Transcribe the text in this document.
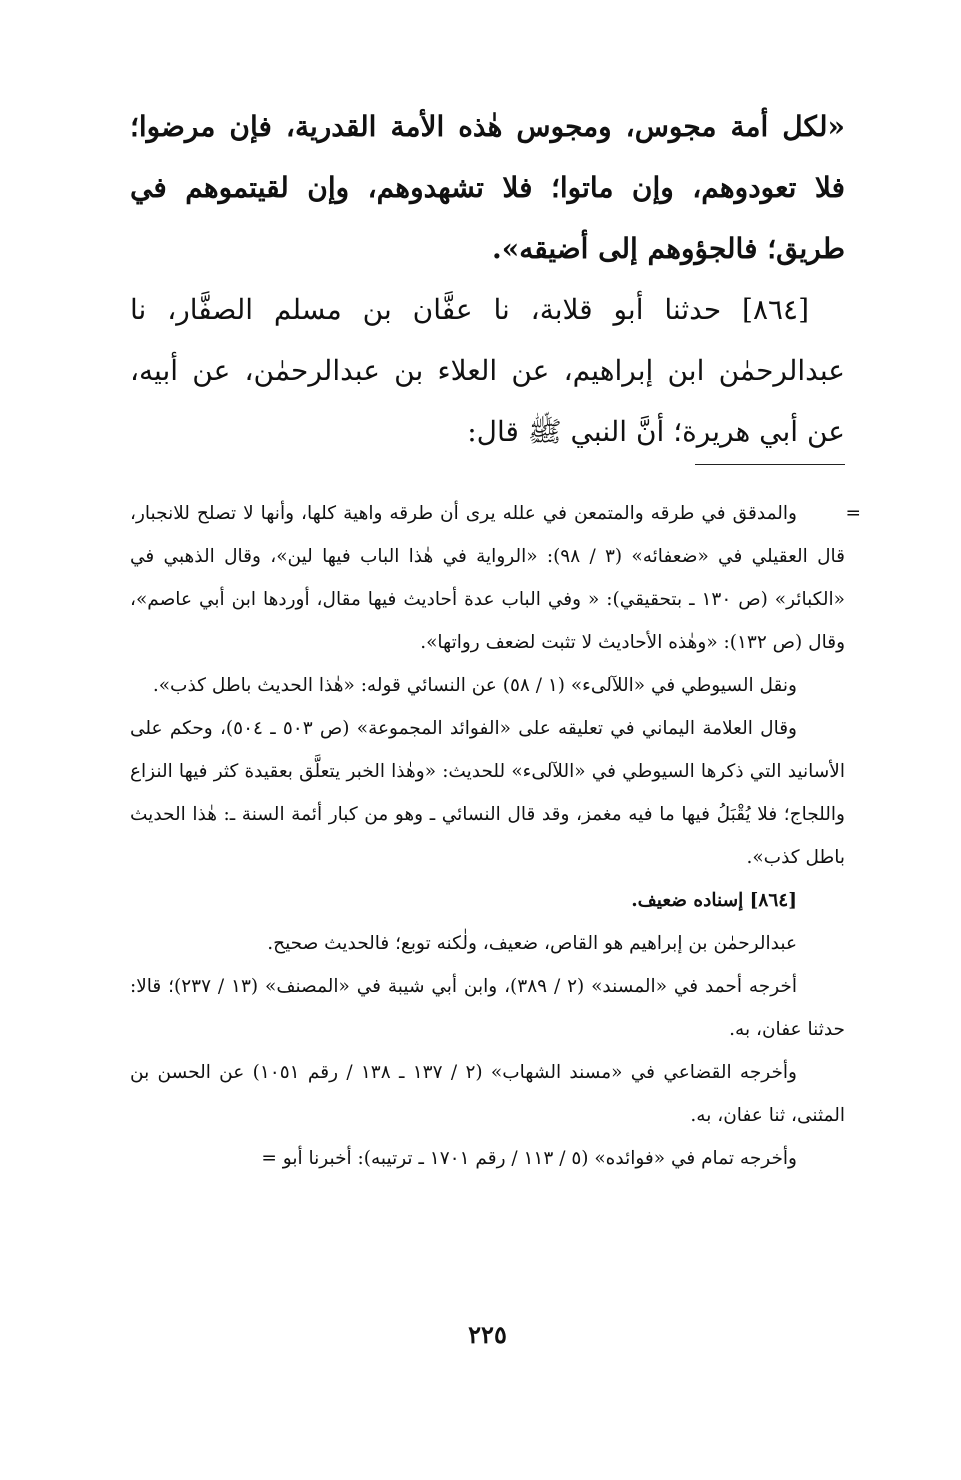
«لكل أمة مجوس، ومجوس هٰذه الأمة القدرية، فإن مرضوا؛ فلا تعودوهم، وإن ماتوا؛ فلا تشهدوهم، وإن لقيتموهم في طريق؛ فالجؤوهم إلى أضيقه».

[٨٦٤] حدثنا أبو قلابة، نا عفَّان بن مسلم الصفَّار، نا عبدالرحمٰن ابن إبراهيم، عن العلاء بن عبدالرحمٰن، عن أبيه، عن أبي هريرة؛ أنَّ النبي ﷺ قال:

=

والمدقق في طرقه والمتمعن في علله يرى أن طرقه واهية كلها، وأنها لا تصلح للانجبار، قال العقيلي في «ضعفائه» (٣ / ٩٨): «الرواية في هٰذا الباب فيها لين»، وقال الذهبي في «الكبائر» (ص ١٣٠ ـ بتحقيقي): « وفي الباب عدة أحاديث فيها مقال، أوردها ابن أبي عاصم»، وقال (ص ١٣٢): «وهٰذه الأحاديث لا تثبت لضعف رواتها».

ونقل السيوطي في «اللآلىء» (١ / ٥٨) عن النسائي قوله: «هٰذا الحديث باطل كذب».

وقال العلامة اليماني في تعليقه على «الفوائد المجموعة» (ص ٥٠٣ ـ ٥٠٤)، وحكم على الأسانيد التي ذكرها السيوطي في «اللآلىء» للحديث: «وهٰذا الخبر يتعلَّق بعقيدة كثر فيها النزاع واللجاج؛ فلا يُقْبَلُ فيها ما فيه مغمز، وقد قال النسائي ـ وهو من كبار أئمة السنة ـ: هٰذا الحديث باطل كذب».

[٨٦٤] إسناده ضعيف.

عبدالرحمٰن بن إبراهيم هو القاص، ضعيف، ولٰكنه توبع؛ فالحديث صحيح.

أخرجه أحمد في «المسند» (٢ / ٣٨٩)، وابن أبي شيبة في «المصنف» (١٣ / ٢٣٧)؛ قالا: حدثنا عفان، به.

وأخرجه القضاعي في «مسند الشهاب» (٢ / ١٣٧ ـ ١٣٨ / رقم ١٠٥١) عن الحسن بن المثنى، ثنا عفان، به.

وأخرجه تمام في «فوائده» (٥ / ١١٣ / رقم ١٧٠١ ـ ترتيبه): أخبرنا أبو =

٢٢٥
